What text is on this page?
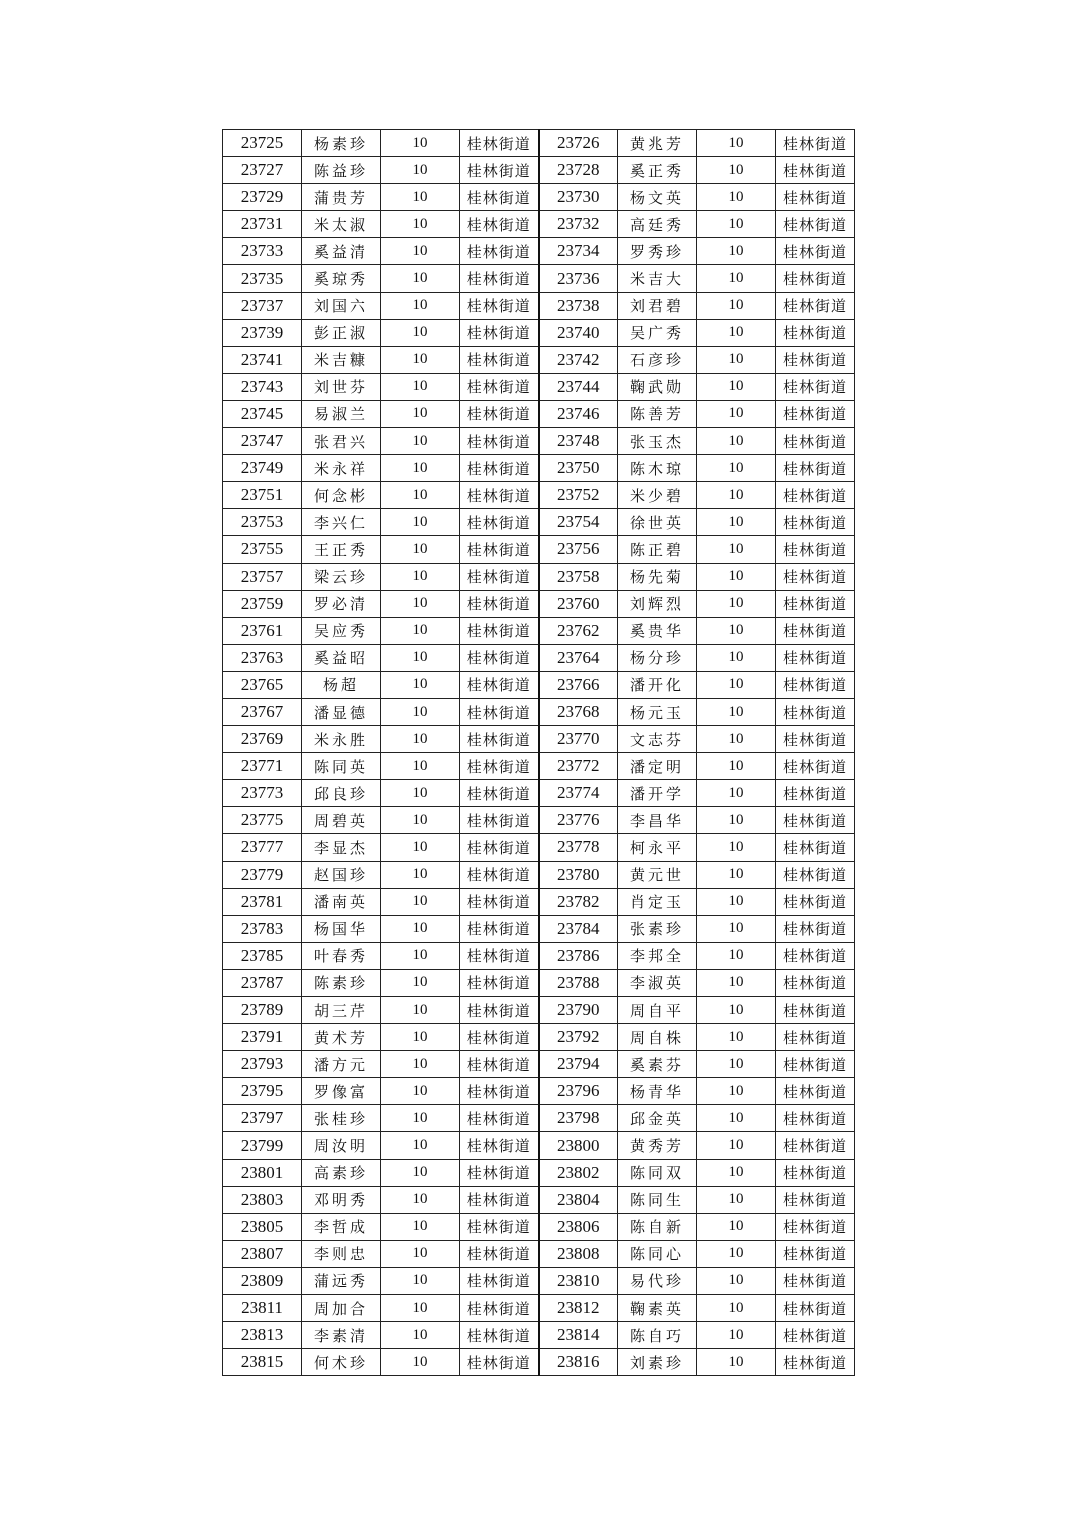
23725	杨素珍	10	桂林街道	23726	黄兆芳	10	桂林街道
23727	陈益珍	10	桂林街道	23728	奚正秀	10	桂林街道
23729	蒲贵芳	10	桂林街道	23730	杨文英	10	桂林街道
23731	米太淑	10	桂林街道	23732	高廷秀	10	桂林街道
23733	奚益清	10	桂林街道	23734	罗秀珍	10	桂林街道
23735	奚琼秀	10	桂林街道	23736	米吉大	10	桂林街道
23737	刘国六	10	桂林街道	23738	刘君碧	10	桂林街道
23739	彭正淑	10	桂林街道	23740	吴广秀	10	桂林街道
23741	米吉糠	10	桂林街道	23742	石彦珍	10	桂林街道
23743	刘世芬	10	桂林街道	23744	鞠武勋	10	桂林街道
23745	易淑兰	10	桂林街道	23746	陈善芳	10	桂林街道
23747	张君兴	10	桂林街道	23748	张玉杰	10	桂林街道
23749	米永祥	10	桂林街道	23750	陈木琼	10	桂林街道
23751	何念彬	10	桂林街道	23752	米少碧	10	桂林街道
23753	李兴仁	10	桂林街道	23754	徐世英	10	桂林街道
23755	王正秀	10	桂林街道	23756	陈正碧	10	桂林街道
23757	梁云珍	10	桂林街道	23758	杨先菊	10	桂林街道
23759	罗必清	10	桂林街道	23760	刘辉烈	10	桂林街道
23761	吴应秀	10	桂林街道	23762	奚贵华	10	桂林街道
23763	奚益昭	10	桂林街道	23764	杨分珍	10	桂林街道
23765	杨超	10	桂林街道	23766	潘开化	10	桂林街道
23767	潘显德	10	桂林街道	23768	杨元玉	10	桂林街道
23769	米永胜	10	桂林街道	23770	文志芬	10	桂林街道
23771	陈同英	10	桂林街道	23772	潘定明	10	桂林街道
23773	邱良珍	10	桂林街道	23774	潘开学	10	桂林街道
23775	周碧英	10	桂林街道	23776	李昌华	10	桂林街道
23777	李显杰	10	桂林街道	23778	柯永平	10	桂林街道
23779	赵国珍	10	桂林街道	23780	黄元世	10	桂林街道
23781	潘南英	10	桂林街道	23782	肖定玉	10	桂林街道
23783	杨国华	10	桂林街道	23784	张素珍	10	桂林街道
23785	叶春秀	10	桂林街道	23786	李邦全	10	桂林街道
23787	陈素珍	10	桂林街道	23788	李淑英	10	桂林街道
23789	胡三芹	10	桂林街道	23790	周自平	10	桂林街道
23791	黄术芳	10	桂林街道	23792	周自株	10	桂林街道
23793	潘方元	10	桂林街道	23794	奚素芬	10	桂林街道
23795	罗像富	10	桂林街道	23796	杨青华	10	桂林街道
23797	张桂珍	10	桂林街道	23798	邱金英	10	桂林街道
23799	周汝明	10	桂林街道	23800	黄秀芳	10	桂林街道
23801	高素珍	10	桂林街道	23802	陈同双	10	桂林街道
23803	邓明秀	10	桂林街道	23804	陈同生	10	桂林街道
23805	李哲成	10	桂林街道	23806	陈自新	10	桂林街道
23807	李则忠	10	桂林街道	23808	陈同心	10	桂林街道
23809	蒲远秀	10	桂林街道	23810	易代珍	10	桂林街道
23811	周加合	10	桂林街道	23812	鞠素英	10	桂林街道
23813	李素清	10	桂林街道	23814	陈自巧	10	桂林街道
23815	何术珍	10	桂林街道	23816	刘素珍	10	桂林街道
